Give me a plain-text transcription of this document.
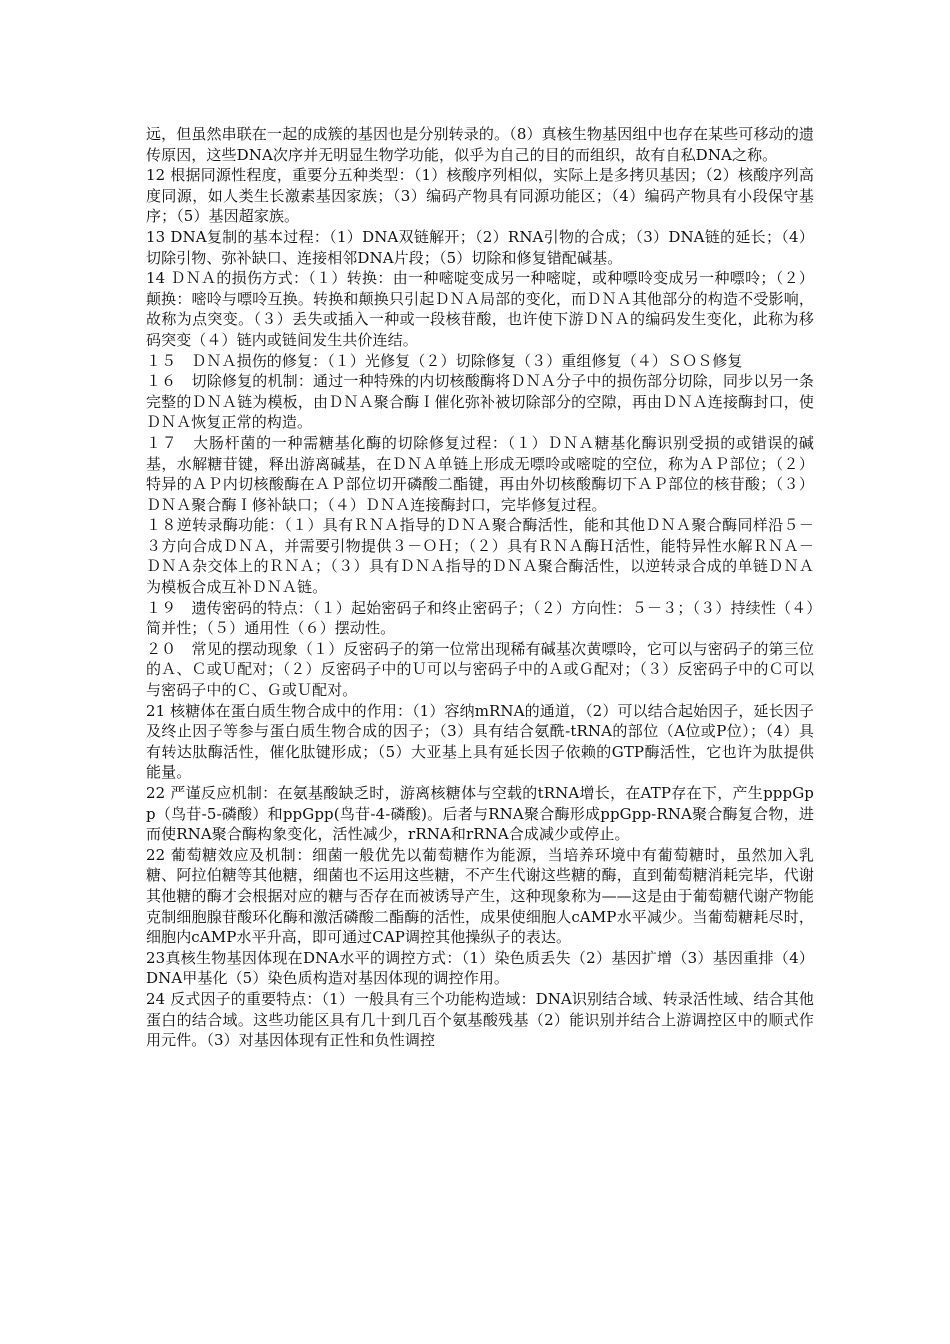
远，但虽然串联在一起的成簇的基因也是分别转录的。（8）真核生物基因组中也存在某些可移动的遗传原因，这些DNA次序并无明显生物学功能，似乎为自己的目的而组织，故有自私DNA之称。

12 根据同源性程度，重要分五种类型：（1）核酸序列相似，实际上是多拷贝基因；（2）核酸序列高度同源，如人类生长激素基因家族；（3）编码产物具有同源功能区；（4）编码产物具有小段保守基序；（5）基因超家族。

13 DNA复制的基本过程：（1）DNA双链解开；（2）RNA引物的合成；（3）DNA链的延长；（4）切除引物、弥补缺口、连接相邻DNA片段；（5）切除和修复错配碱基。

14 ＤＮＡ的损伤方式：（１）转换：由一种嘧啶变成另一种嘧啶，或种嘌呤变成另一种嘌呤；（２）颠换：嘧呤与嘌呤互换。转换和颠换只引起ＤＮＡ局部的变化，而ＤＮＡ其他部分的构造不受影响，故称为点突变。（３）丢失或插入一种或一段核苷酸，也许使下游ＤＮＡ的编码发生变化，此称为移码突变（４）链内或链间发生共价连结。

１５　ＤＮＡ损伤的修复：（１）光修复（２）切除修复（３）重组修复（４）ＳＯＳ修复

１６　切除修复的机制：通过一种特殊的内切核酸酶将ＤＮＡ分子中的损伤部分切除，同步以另一条完整的ＤＮＡ链为模板，由ＤＮＡ聚合酶Ｉ催化弥补被切除部分的空隙，再由ＤＮＡ连接酶封口，使ＤＮＡ恢复正常的构造。

１７　大肠杆菌的一种需糖基化酶的切除修复过程：（１）ＤＮＡ糖基化酶识别受损的或错误的碱基，水解糖苷键，释出游离碱基，在ＤＮＡ单链上形成无嘌呤或嘧啶的空位，称为ＡＰ部位；（２）特异的ＡＰ内切核酸酶在ＡＰ部位切开磷酸二酯键，再由外切核酸酶切下ＡＰ部位的核苷酸；（３）ＤＮＡ聚合酶Ｉ修补缺口；（４）ＤＮＡ连接酶封口，完毕修复过程。

１８逆转录酶功能：（１）具有ＲＮＡ指导的ＤＮＡ聚合酶活性，能和其他ＤＮＡ聚合酶同样沿５－３方向合成ＤＮＡ，并需要引物提供３－ＯＨ；（２）具有ＲＮＡ酶Ｈ活性，能特异性水解ＲＮＡ－ＤＮＡ杂交体上的ＲＮＡ；（３）具有ＤＮＡ指导的ＤＮＡ聚合酶活性，以逆转录合成的单链ＤＮＡ为模板合成互补ＤＮＡ链。

１９　遗传密码的特点：（１）起始密码子和终止密码子；（２）方向性：５－３；（３）持续性（４）简并性；（５）通用性（６）摆动性。

２０　常见的摆动现象（１）反密码子的第一位常出现稀有碱基次黄嘌呤，它可以与密码子的第三位的Ａ、Ｃ或Ｕ配对；（２）反密码子中的Ｕ可以与密码子中的Ａ或Ｇ配对；（３）反密码子中的Ｃ可以与密码子中的Ｃ、Ｇ或Ｕ配对。

21 核糖体在蛋白质生物合成中的作用：（1）容纳mRNA的通道，（2）可以结合起始因子，延长因子及终止因子等参与蛋白质生物合成的因子；（3）具有结合氨酰-tRNA的部位（A位或P位）；（4）具有转达肽酶活性，催化肽键形成；（5）大亚基上具有延长因子依赖的GTP酶活性，它也许为肽提供能量。

22 严谨反应机制：在氨基酸缺乏时，游离核糖体与空载的tRNA增长，在ATP存在下，产生pppGpp（鸟苷-5-磷酸）和ppGpp(鸟苷-4-磷酸)。后者与RNA聚合酶形成ppGpp-RNA聚合酶复合物，进而使RNA聚合酶构象变化，活性减少，rRNA和rRNA合成减少或停止。

22 葡萄糖效应及机制：细菌一般优先以葡萄糖作为能源，当培养环境中有葡萄糖时，虽然加入乳糖、阿拉伯糖等其他糖，细菌也不运用这些糖，不产生代谢这些糖的酶，直到葡萄糖消耗完毕，代谢其他糖的酶才会根据对应的糖与否存在而被诱导产生，这种现象称为——这是由于葡萄糖代谢产物能克制细胞腺苷酸环化酶和激活磷酸二酯酶的活性，成果使细胞人cAMP水平减少。当葡萄糖耗尽时，细胞内cAMP水平升高，即可通过CAP调控其他操纵子的表达。

23真核生物基因体现在DNA水平的调控方式：（1）染色质丢失（2）基因扩增（3）基因重排（4）DNA甲基化（5）染色质构造对基因体现的调控作用。

24 反式因子的重要特点：（1）一般具有三个功能构造域：DNA识别结合域、转录活性域、结合其他蛋白的结合域。这些功能区具有几十到几百个氨基酸残基（2）能识别并结合上游调控区中的顺式作用元件。（3）对基因体现有正性和负性调控
